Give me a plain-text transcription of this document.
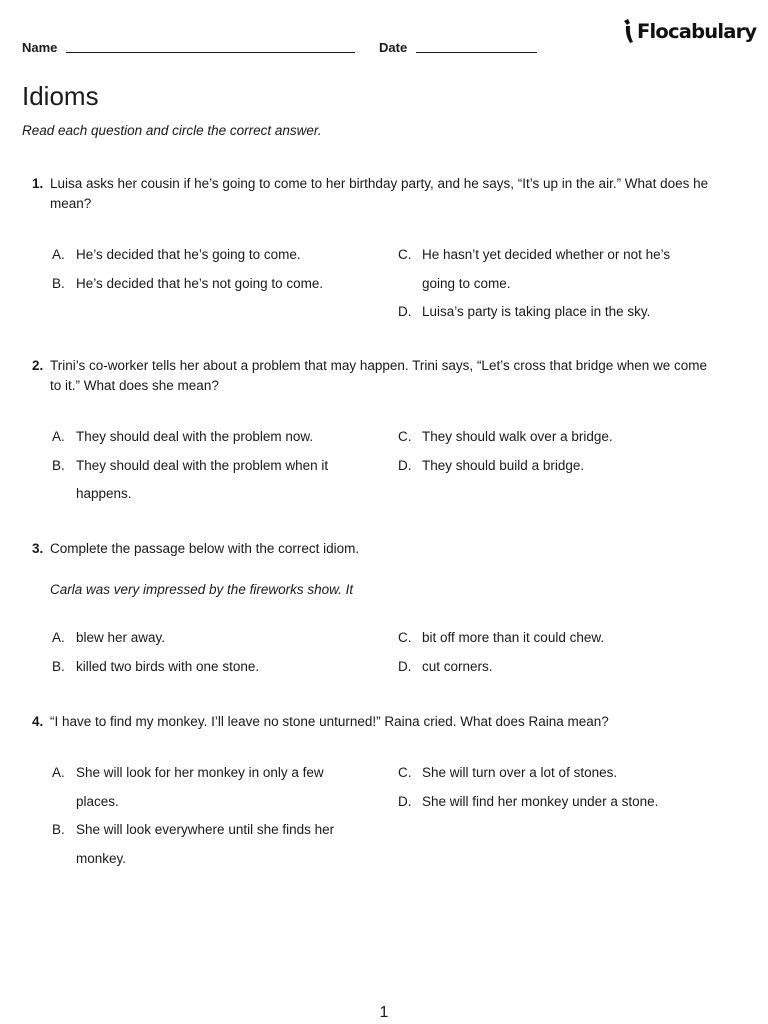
Name	Date
Flocabulary
Idioms

Read each question and circle the correct answer.

1. Luisa asks her cousin if he’s going to come to her birthday party, and he says, “It’s up in the air.” What does he mean?
A. He’s decided that he’s going to come.
B. He’s decided that he’s not going to come.
C. He hasn’t yet decided whether or not he’s going to come.
D. Luisa’s party is taking place in the sky.
2. Trini’s co-worker tells her about a problem that may happen. Trini says, “Let’s cross that bridge when we come to it.” What does she mean?
A. They should deal with the problem now.
B. They should deal with the problem when it happens.
C. They should walk over a bridge.
D. They should build a bridge.
3. Complete the passage below with the correct idiom.
Carla was very impressed by the fireworks show. It
A. blew her away.
B. killed two birds with one stone.
C. bit off more than it could chew.
D. cut corners.
4. “I have to find my monkey. I’ll leave no stone unturned!” Raina cried. What does Raina mean?
A. She will look for her monkey in only a few places.
B. She will look everywhere until she finds her monkey.
C. She will turn over a lot of stones.
D. She will find her monkey under a stone.
1
